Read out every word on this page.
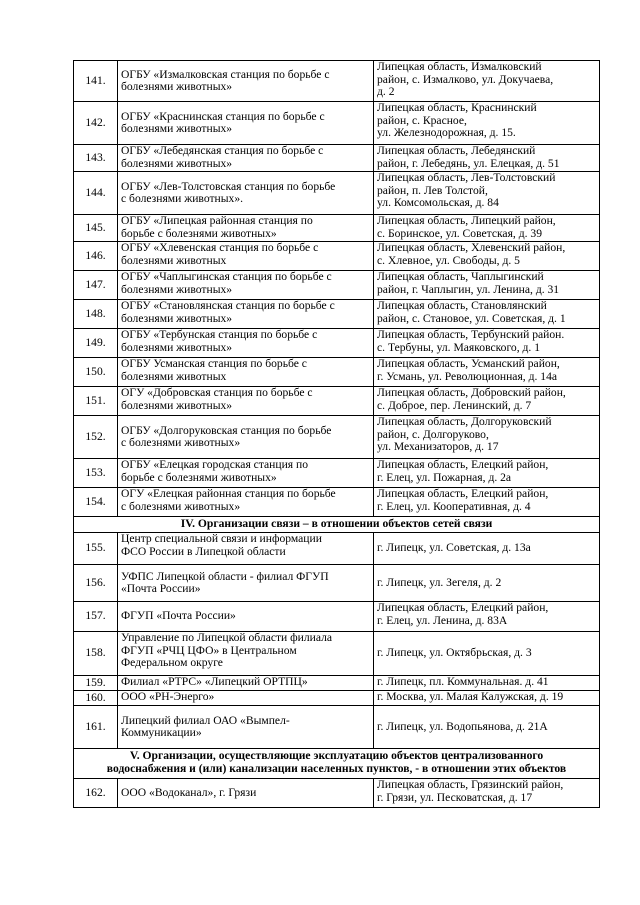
141.	ОГБУ «Измалковская станция по борьбе с
болезнями животных»	Липецкая область, Измалковский
район, с. Измалково, ул. Докучаева,
д. 2

142.	ОГБУ «Краснинская станция по борьбе с
болезнями животных»	Липецкая область, Краснинский
район, с. Красное,
ул. Железнодорожная, д. 15.

143.	ОГБУ «Лебедянская станция по борьбе с
болезнями животных»	Липецкая область, Лебедянский
район, г. Лебедянь, ул. Елецкая, д. 51

144.	ОГБУ «Лев-Толстовская станция по борьбе
с болезнями животных».	Липецкая область, Лев-Толстовский
район, п. Лев Толстой,
ул. Комсомольская, д. 84

145.	ОГБУ «Липецкая районная станция по
борьбе с болезнями животных»	Липецкая область, Липецкий район,
с. Боринское, ул. Советская, д. 39

146.	ОГБУ «Хлевенская станция по борьбе с
болезнями животных	Липецкая область, Хлевенский район,
с. Хлевное, ул. Свободы, д. 5

147.	ОГБУ «Чаплыгинская станция по борьбе с
болезнями животных»	Липецкая область, Чаплыгинский
район, г. Чаплыгин, ул. Ленина, д. 31

148.	ОГБУ «Становлянская станция по борьбе с
болезнями животных»	Липецкая область, Становлянский
район, с. Становое, ул. Советская, д. 1

149.	ОГБУ «Тербунская станция по борьбе с
болезнями животных»	Липецкая область, Тербунский район.
с. Тербуны, ул. Маяковского, д. 1

150.	ОГБУ Усманская станция по борьбе с
болезнями животных	Липецкая область, Усманский район,
г. Усмань, ул. Революционная, д. 14а

151.	ОГУ «Добровская станция по борьбе с
болезнями животных»	Липецкая область, Добровский район,
с. Доброе, пер. Ленинский, д. 7

152.	ОГБУ «Долгоруковская станция по борьбе
с болезнями животных»	Липецкая область, Долгоруковский
район, с. Долгоруково,
ул. Механизаторов, д. 17

153.	ОГБУ «Елецкая городская станция по
борьбе с болезнями животных»	Липецкая область, Елецкий район,
г. Елец, ул. Пожарная, д. 2а

154.	ОГУ «Елецкая районная станция по борьбе
с болезнями животных»	Липецкая область, Елецкий район,
г. Елец, ул. Кооперативная, д. 4

IV. Организации связи – в отношении объектов сетей связи		
155.	Центр специальной связи и информации
ФСО России в Липецкой области	г. Липецк, ул. Советская, д. 13а

156.	УФПС Липецкой области - филиал ФГУП
«Почта России»	г. Липецк, ул. Зегеля, д. 2

157.	ФГУП «Почта России»	Липецкая область, Елецкий район,
г. Елец, ул. Ленина, д. 83А

158.	Управление по Липецкой области филиала
ФГУП «РЧЦ ЦФО» в Центральном
Федеральном округе	г. Липецк, ул. Октябрьская, д. 3

159.	Филиал «РТРС» «Липецкий ОРТПЦ»	г. Липецк, пл. Коммунальная. д. 41

160.	ООО «РН-Энерго»	г. Москва, ул. Малая Калужская, д. 19

161.	Липецкий филиал ОАО «Вымпел-
Коммуникации»	г. Липецк, ул. Водопьянова, д. 21А

V. Организации, осуществляющие эксплуатацию объектов централизованного
водоснабжения и (или) канализации населенных пунктов, - в отношении этих объектов		

162.	ООО «Водоканал», г. Грязи	Липецкая область, Грязинский район,
г. Грязи, ул. Песковатская, д. 17
